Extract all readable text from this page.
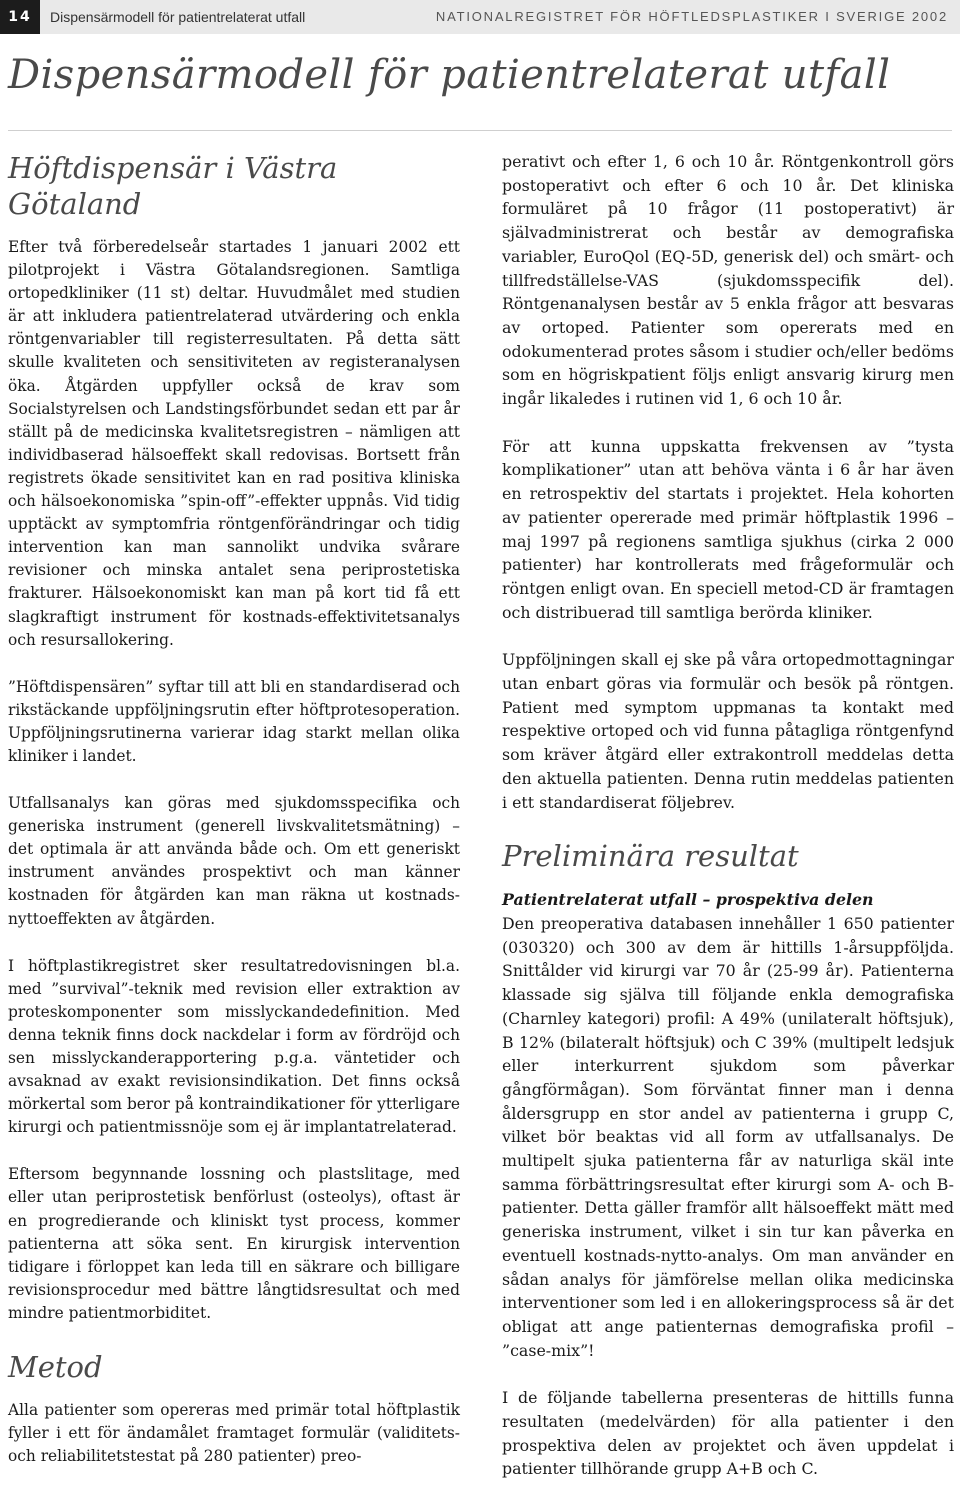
14	Dispensärmodell för patientrelaterat utfall	NATIONALREGISTRET FÖR HÖFTLEDSPLASTIKER I SVERIGE 2002
Dispensärmodell för patientrelaterat utfall
Höftdispensär i Västra Götaland

Efter två förberedelseår startades 1 januari 2002 ett pilotprojekt i Västra Götalandsregionen. Samtliga ortopedkliniker (11 st) deltar. Huvudmålet med studien är att inkludera patientrelaterad utvärdering och enkla röntgenvariabler till registerresultaten. På detta sätt skulle kvaliteten och sensitiviteten av registeranalysen öka. Åtgärden uppfyller också de krav som Socialstyrelsen och Landstingsförbundet sedan ett par år ställt på de medicinska kvalitetsregistren – nämligen att individbaserad hälsoeffekt skall redovisas. Bortsett från registrets ökade sensitivitet kan en rad positiva kliniska och hälsoekonomiska ”spin-off”-effekter uppnås. Vid tidig upptäckt av symptomfria röntgenförändringar och tidig intervention kan man sannolikt undvika svårare revisioner och minska antalet sena periprostetiska frakturer. Hälsoekonomiskt kan man på kort tid få ett slagkraftigt instrument för kostnads-effektivitetsanalys och resursallokering.

”Höftdispensären” syftar till att bli en standardiserad och rikstäckande uppföljningsrutin efter höftprotesoperation. Uppföljningsrutinerna varierar idag starkt mellan olika kliniker i landet.

Utfallsanalys kan göras med sjukdomsspecifika och generiska instrument (generell livskvalitetsmätning) – det optimala är att använda både och. Om ett generiskt instrument användes prospektivt och man känner kostnaden för åtgärden kan man räkna ut kostnads-nyttoeffekten av åtgärden.

I höftplastikregistret sker resultatredovisningen bl.a. med ”survival”-teknik med revision eller extraktion av proteskomponenter som misslyckandedefinition. Med denna teknik finns dock nackdelar i form av fördröjd och sen misslyckanderapportering p.g.a. väntetider och avsaknad av exakt revisionsindikation. Det finns också mörkertal som beror på kontraindikationer för ytterligare kirurgi och patientmissnöje som ej är implantatrelaterad.

Eftersom begynnande lossning och plastslitage, med eller utan periprostetisk benförlust (osteolys), oftast är en progredierande och kliniskt tyst process, kommer patienterna att söka sent. En kirurgisk intervention tidigare i förloppet kan leda till en säkrare och billigare revisionsprocedur med bättre långtidsresultat och med mindre patientmorbiditet.

Metod

Alla patienter som opereras med primär total höftplastik fyller i ett för ändamålet framtaget formulär (validitets- och reliabilitetstestat på 280 patienter) preo-

perativt och efter 1, 6 och 10 år. Röntgenkontroll görs postoperativt och efter 6 och 10 år. Det kliniska formuläret på 10 frågor (11 postoperativt) är självadministrerat och består av demografiska variabler, EuroQol (EQ-5D, generisk del) och smärt- och tillfredställelse-VAS (sjukdomsspecifik del). Röntgenanalysen består av 5 enkla frågor att besvaras av ortoped. Patienter som opererats med en odokumenterad protes såsom i studier och/eller bedöms som en högriskpatient följs enligt ansvarig kirurg men ingår likaledes i rutinen vid 1, 6 och 10 år.

För att kunna uppskatta frekvensen av ”tysta komplikationer” utan att behöva vänta i 6 år har även en retrospektiv del startats i projektet. Hela kohorten av patienter opererade med primär höftplastik 1996 – maj 1997 på regionens samtliga sjukhus (cirka 2 000 patienter) har kontrollerats med frågeformulär och röntgen enligt ovan. En speciell metod-CD är framtagen och distribuerad till samtliga berörda kliniker.

Uppföljningen skall ej ske på våra ortopedmottagningar utan enbart göras via formulär och besök på röntgen. Patient med symptom uppmanas ta kontakt med respektive ortoped och vid funna påtagliga röntgenfynd som kräver åtgärd eller extrakontroll meddelas detta den aktuella patienten. Denna rutin meddelas patienten i ett standardiserat följebrev.

Preliminära resultat
Patientrelaterat utfall – prospektiva delen

Den preoperativa databasen innehåller 1 650 patienter (030320) och 300 av dem är hittills 1-årsuppföljda. Snittålder vid kirurgi var 70 år (25-99 år). Patienterna klassade sig själva till följande enkla demografiska (Charnley kategori) profil: A 49% (unilateralt höftsjuk), B 12% (bilateralt höftsjuk) och C 39% (multipelt ledsjuk eller interkurrent sjukdom som påverkar gångförmågan). Som förväntat finner man i denna åldersgrupp en stor andel av patienterna i grupp C, vilket bör beaktas vid all form av utfallsanalys. De multipelt sjuka patienterna får av naturliga skäl inte samma förbättringsresultat efter kirurgi som A- och B-patienter. Detta gäller framför allt hälsoeffekt mätt med generiska instrument, vilket i sin tur kan påverka en eventuell kostnads-nytto-analys. Om man använder en sådan analys för jämförelse mellan olika medicinska interventioner som led i en allokeringsprocess så är det obligat att ange patienternas demografiska profil – ”case-mix”!

I de följande tabellerna presenteras de hittills funna resultaten (medelvärden) för alla patienter i den prospektiva delen av projektet och även uppdelat i patienter tillhörande grupp A+B och C.
